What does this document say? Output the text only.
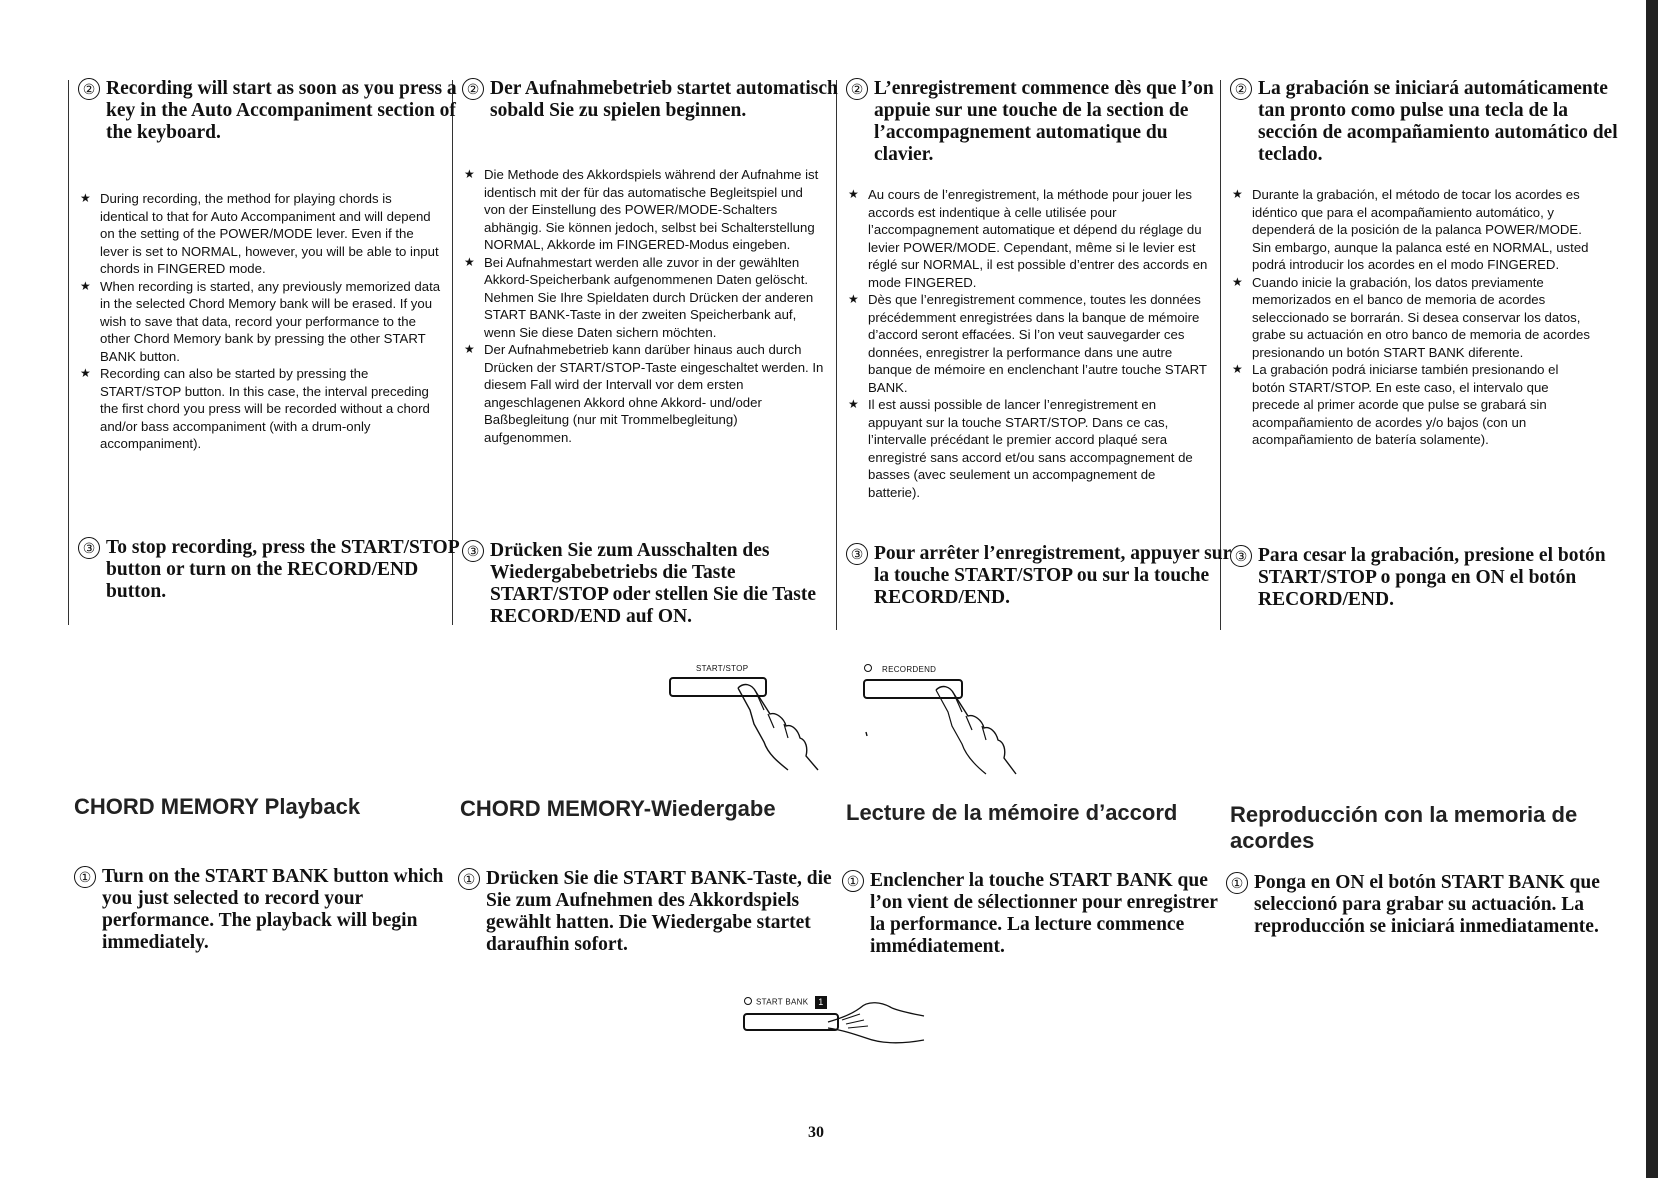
② Recording will start as soon as you press a key in the Auto Accompaniment section of the keyboard.
★ During recording, the method for playing chords is identical to that for Auto Accompaniment and will depend on the setting of the POWER/MODE lever. Even if the lever is set to NORMAL, however, you will be able to input chords in FINGERED mode.
★ When recording is started, any previously memorized data in the selected Chord Memory bank will be erased. If you wish to save that data, record your performance to the other Chord Memory bank by pressing the other START BANK button.
★ Recording can also be started by pressing the START/STOP button. In this case, the interval preceding the first chord you press will be recorded without a chord and/or bass accompaniment (with a drum-only accompaniment).
③ To stop recording, press the START/STOP button or turn on the RECORD/END button.
② Der Aufnahmebetrieb startet automatisch sobald Sie zu spielen beginnen.
★ Die Methode des Akkordspiels während der Aufnahme ist identisch mit der für das automatische Begleitspiel und von der Einstellung des POWER/MODE-Schalters abhängig. Sie können jedoch, selbst bei Schalterstellung NORMAL, Akkorde im FINGERED-Modus eingeben.
★ Bei Aufnahmestart werden alle zuvor in der gewählten Akkord-Speicherbank aufgenommenen Daten gelöscht. Nehmen Sie Ihre Spieldaten durch Drücken der anderen START BANK-Taste in der zweiten Speicherbank auf, wenn Sie diese Daten sichern möchten.
★ Der Aufnahmebetrieb kann darüber hinaus auch durch Drücken der START/STOP-Taste eingeschaltet werden. In diesem Fall wird der Intervall vor dem ersten angeschlagenen Akkord ohne Akkord- und/oder Baßbegleitung (nur mit Trommelbegleitung) aufgenommen.
③ Drücken Sie zum Ausschalten des Wiedergabebetriebs die Taste START/STOP oder stellen Sie die Taste RECORD/END auf ON.
② L’enregistrement commence dès que l’on appuie sur une touche de la section de l’accompagnement automatique du clavier.
★ Au cours de l’enregistrement, la méthode pour jouer les accords est indentique à celle utilisée pour l’accompagnement automatique et dépend du réglage du levier POWER/MODE. Cependant, même si le levier est réglé sur NORMAL, il est possible d’entrer des accords en mode FINGERED.
★ Dès que l’enregistrement commence, toutes les données précédemment enregistrées dans la banque de mémoire d’accord seront effacées. Si l’on veut sauvegarder ces données, enregistrer la performance dans une autre banque de mémoire en enclenchant l’autre touche START BANK.
★ Il est aussi possible de lancer l’enregistrement en appuyant sur la touche START/STOP. Dans ce cas, l’intervalle précédant le premier accord plaqué sera enregistré sans accord et/ou sans accompagnement de basses (avec seulement un accompagnement de batterie).
③ Pour arrêter l’enregistrement, appuyer sur la touche START/STOP ou sur la touche RECORD/END.
② La grabación se iniciará automáticamente tan pronto como pulse una tecla de la sección de acompañamiento automático del teclado.
★ Durante la grabación, el método de tocar los acordes es idéntico que para el acompañamiento automático, y dependerá de la posición de la palanca POWER/MODE. Sin embargo, aunque la palanca esté en NORMAL, usted podrá introducir los acordes en el modo FINGERED.
★ Cuando inicie la grabación, los datos previamente memorizados en el banco de memoria de acordes seleccionado se borrarán. Si desea conservar los datos, grabe su actuación en otro banco de memoria de acordes presionando un botón START BANK diferente.
★ La grabación podrá iniciarse también presionando el botón START/STOP. En este caso, el intervalo que precede al primer acorde que pulse se grabará sin acompañamiento de acordes y/o bajos (con un acompañamiento de batería solamente).
③ Para cesar la grabación, presione el botón START/STOP o ponga en ON el botón RECORD/END.
START/STOP	RECORDEND
CHORD MEMORY Playback	CHORD MEMORY-Wiedergabe	Lecture de la mémoire d’accord Reproducción con la memoria de acordes
① Turn on the START BANK button which you just selected to record your performance. The playback will begin immediately.
① Drücken Sie die START BANK-Taste, die Sie zum Aufnehmen des Akkordspiels gewählt hatten. Die Wiedergabe startet daraufhin sofort.
① Enclencher la touche START BANK que l’on vient de sélectionner pour enregistrer la performance. La lecture commence immédiatement.
① Ponga en ON el botón START BANK que seleccionó para grabar su actuación. La reproducción se iniciará inmediatamente.
START BANK 1
30
